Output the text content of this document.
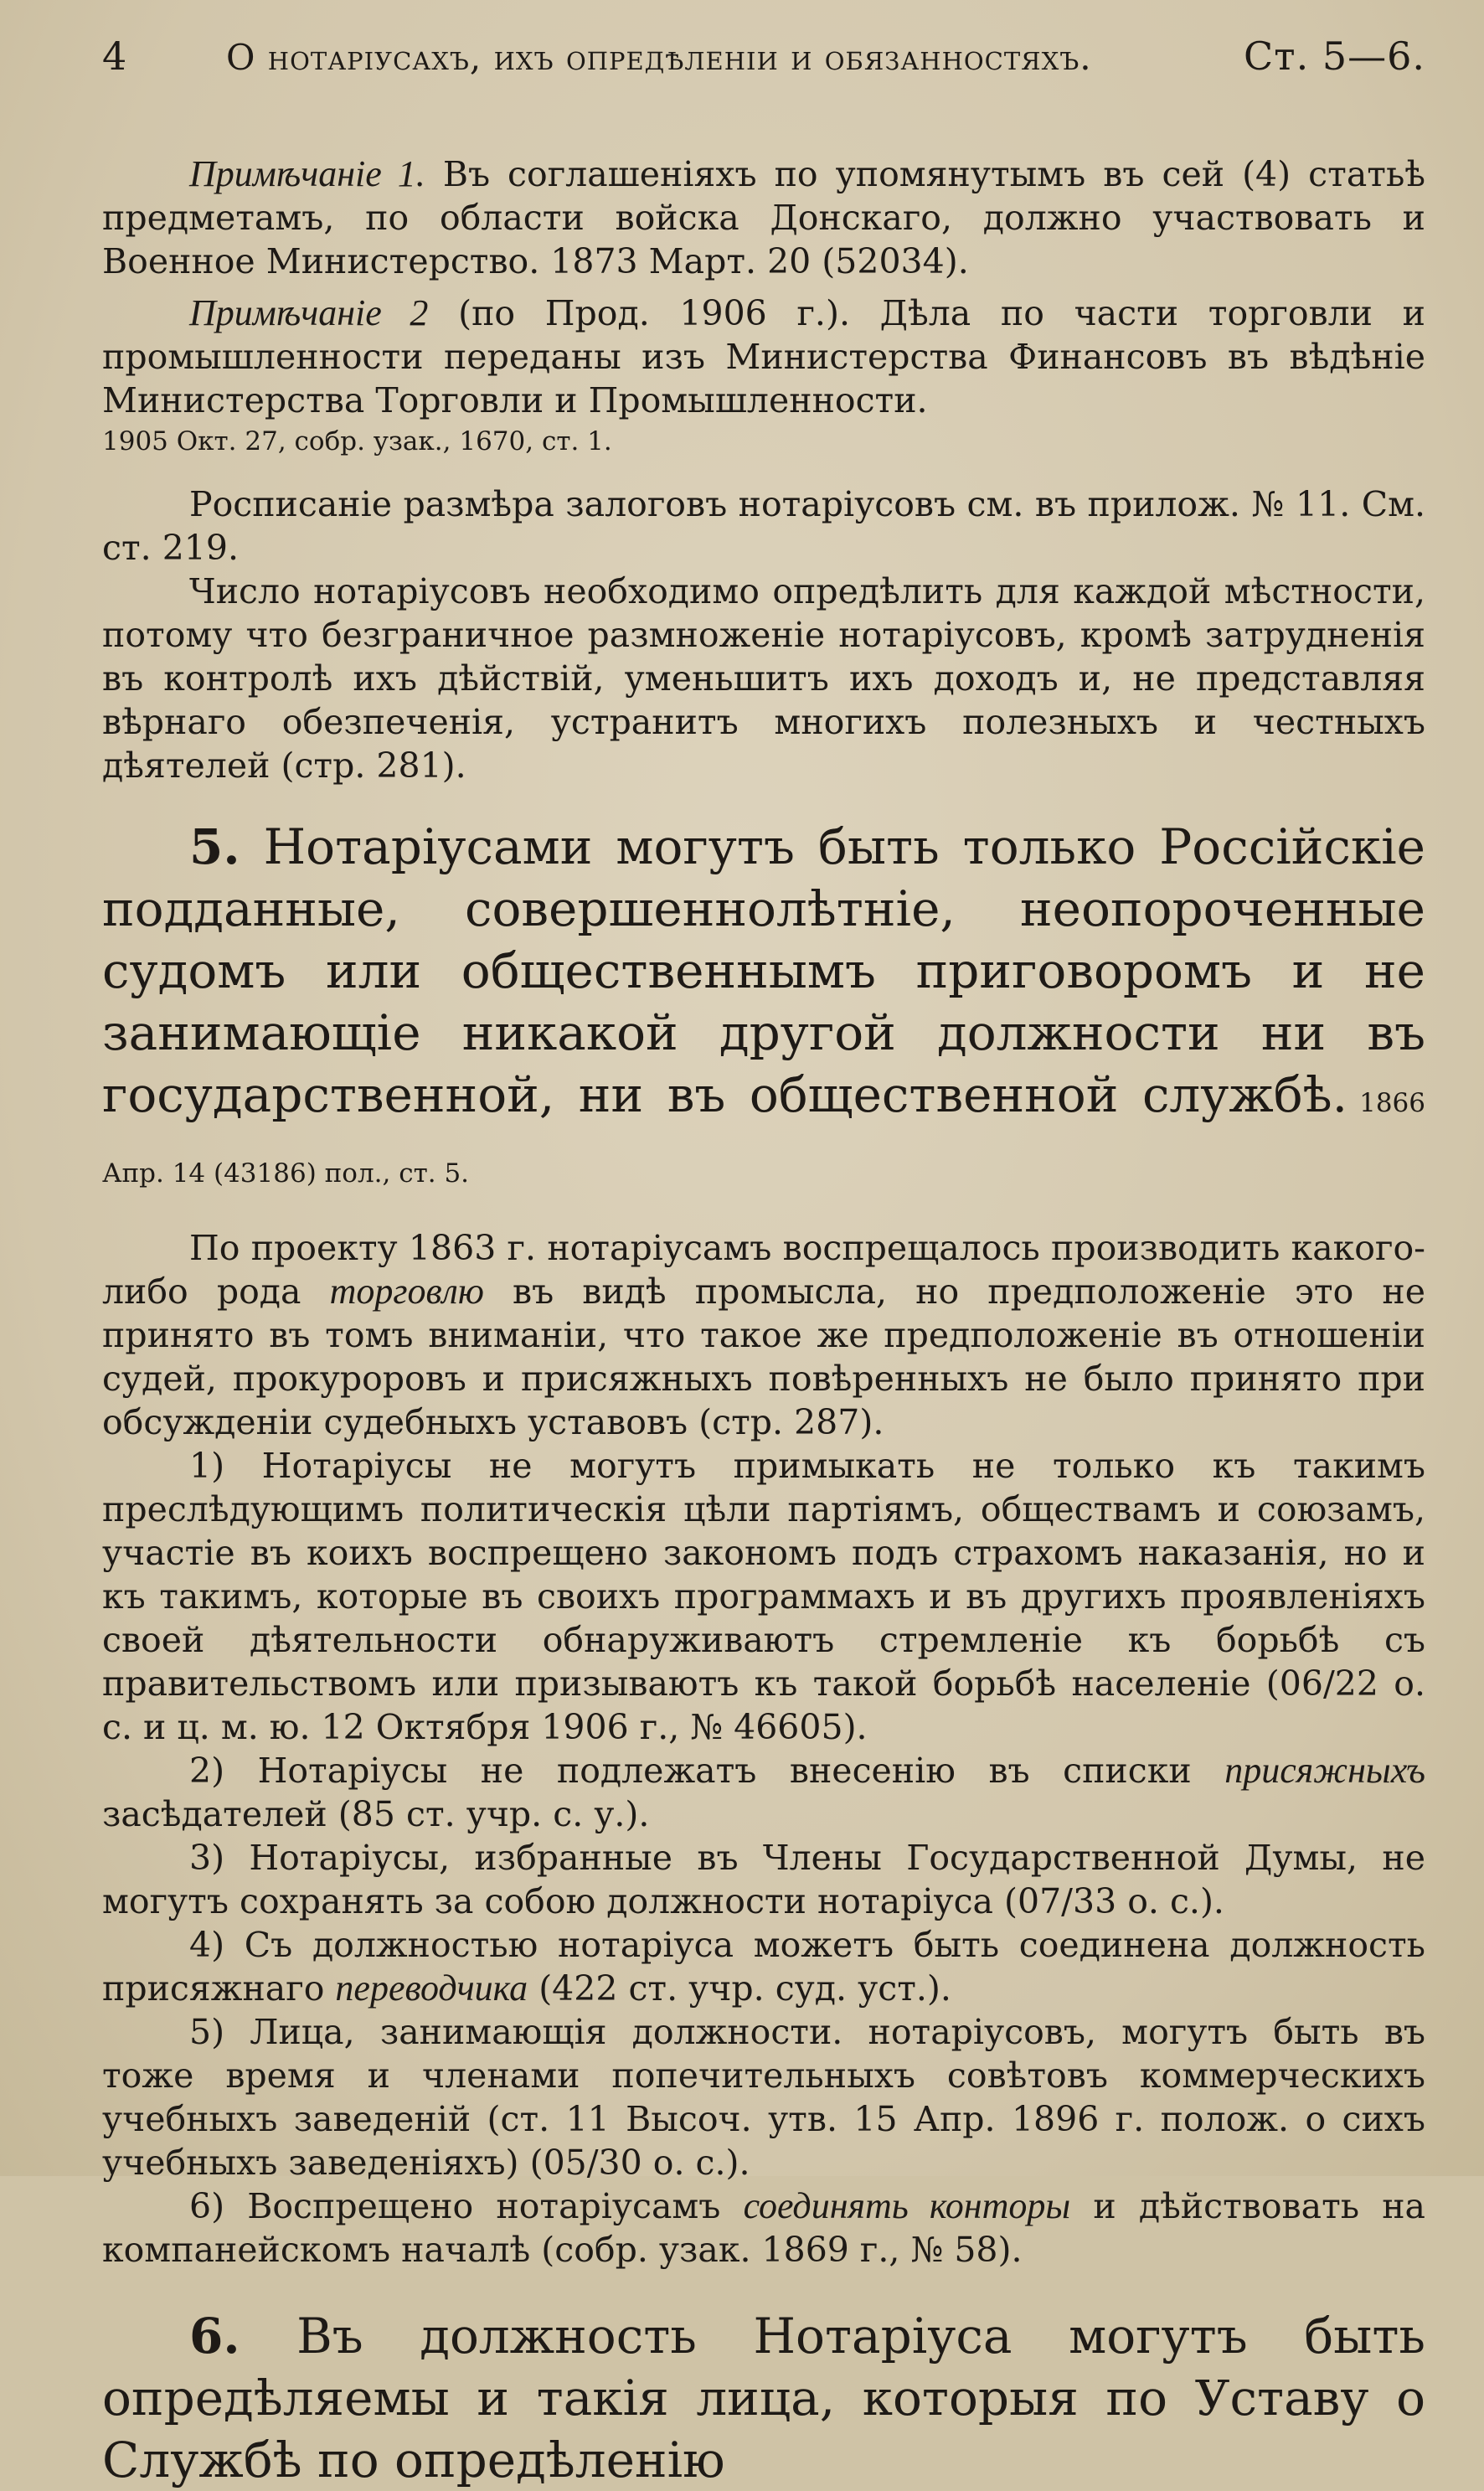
4	О нотаріусахъ, ихъ опредѣленіи и обязанностяхъ.	Ст. 5—6.

Примѣчаніе 1. Въ соглашеніяхъ по упомянутымъ въ сей (4) статьѣ предметамъ, по области войска Донскаго, должно участвовать и Военное Министерство. 1873 Март. 20 (52034).

Примѣчаніе 2 (по Прод. 1906 г.). Дѣла по части торговли и промышленности переданы изъ Министерства Финансовъ въ вѣдѣніе Министерства Торговли и Промышленности.

1905 Окт. 27, собр. узак., 1670, ст. 1.

Росписаніе размѣра залоговъ нотаріусовъ см. въ прилож. № 11. См. ст. 219.

Число нотаріусовъ необходимо опредѣлить для каждой мѣстности, потому что безграничное размноженіе нотаріусовъ, кромѣ затрудненія въ контролѣ ихъ дѣйствій, уменьшитъ ихъ доходъ и, не представляя вѣрнаго обезпеченія, устранитъ многихъ полезныхъ и честныхъ дѣятелей (стр. 281).

5. Нотаріусами могутъ быть только Россійскіе подданные, совершеннолѣтніе, неопороченные судомъ или общественнымъ приговоромъ и не занимающіе никакой другой должности ни въ государственной, ни въ общественной службѣ. 1866 Апр. 14 (43186) пол., ст. 5.

По проекту 1863 г. нотаріусамъ воспрещалось производить какого-либо рода торговлю въ видѣ промысла, но предположеніе это не принято въ томъ вниманіи, что такое же предположеніе въ отношеніи судей, прокуроровъ и присяжныхъ повѣренныхъ не было принято при обсужденіи судебныхъ уставовъ (стр. 287).

1) Нотаріусы не могутъ примыкать не только къ такимъ преслѣдующимъ политическія цѣли партіямъ, обществамъ и союзамъ, участіе въ коихъ воспрещено закономъ подъ страхомъ наказанія, но и къ такимъ, которые въ своихъ программахъ и въ другихъ проявленіяхъ своей дѣятельности обнаруживаютъ стремленіе къ борьбѣ съ правительствомъ или призываютъ къ такой борьбѣ населеніе (06/22 о. с. и ц. м. ю. 12 Октября 1906 г., № 46605).

2) Нотаріусы не подлежатъ внесенію въ списки присяжныхъ засѣдателей (85 ст. учр. с. у.).

3) Нотаріусы, избранные въ Члены Государственной Думы, не могутъ сохранять за собою должности нотаріуса (07/33 о. с.).

4) Съ должностью нотаріуса можетъ быть соединена должность присяжнаго переводчика (422 ст. учр. суд. уст.).

5) Лица, занимающія должности. нотаріусовъ, могутъ быть въ тоже время и членами попечительныхъ совѣтовъ коммерческихъ учебныхъ заведеній (ст. 11 Высоч. утв. 15 Апр. 1896 г. полож. о сихъ учебныхъ заведеніяхъ) (05/30 о. с.).

6) Воспрещено нотаріусамъ соединять конторы и дѣйствовать на компанейскомъ началѣ (собр. узак. 1869 г., № 58).

6. Въ должность Нотаріуса могутъ быть опредѣляемы и такія лица, которыя по Уставу о Службѣ по опредѣленію
